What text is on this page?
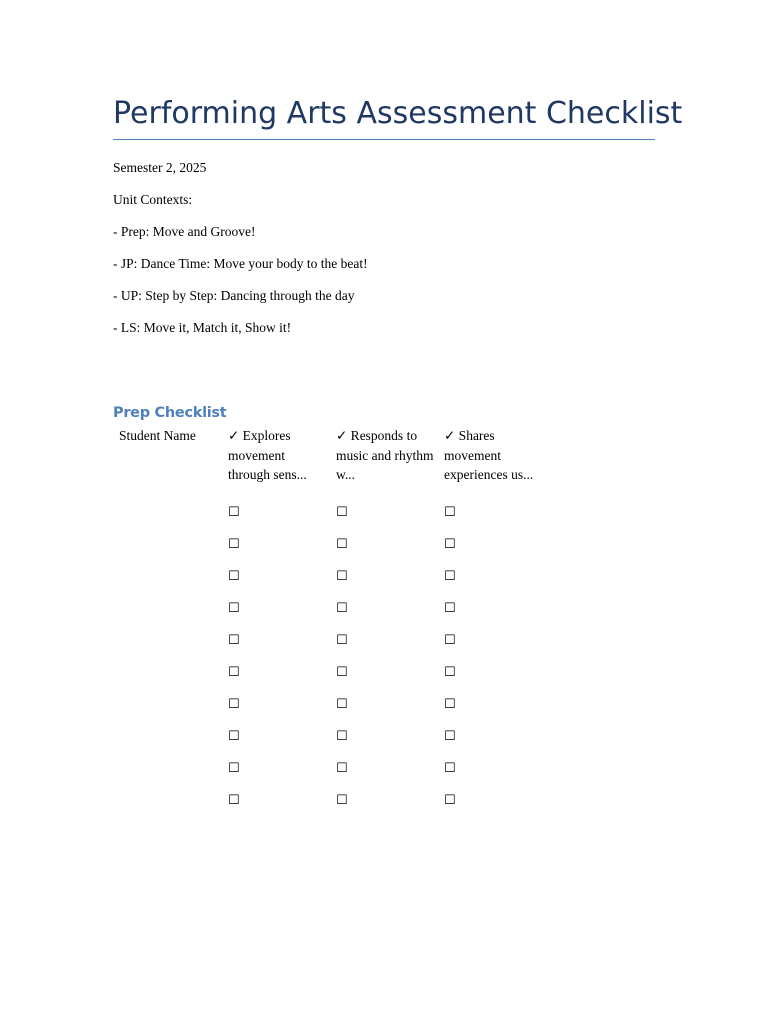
Performing Arts Assessment Checklist

Semester 2, 2025

Unit Contexts:

- Prep: Move and Groove!

- JP: Dance Time: Move your body to the beat!

- UP: Step by Step: Dancing through the day

- LS: Move it, Match it, Show it!

Prep Checklist
Student Name	✓ Explores movement through sens...	✓ Responds to music and rhythm w...	✓ Shares movement experiences us...
	☐	☐	☐
	☐	☐	☐
	☐	☐	☐
	☐	☐	☐
	☐	☐	☐
	☐	☐	☐
	☐	☐	☐
	☐	☐	☐
	☐	☐	☐
	☐	☐	☐
